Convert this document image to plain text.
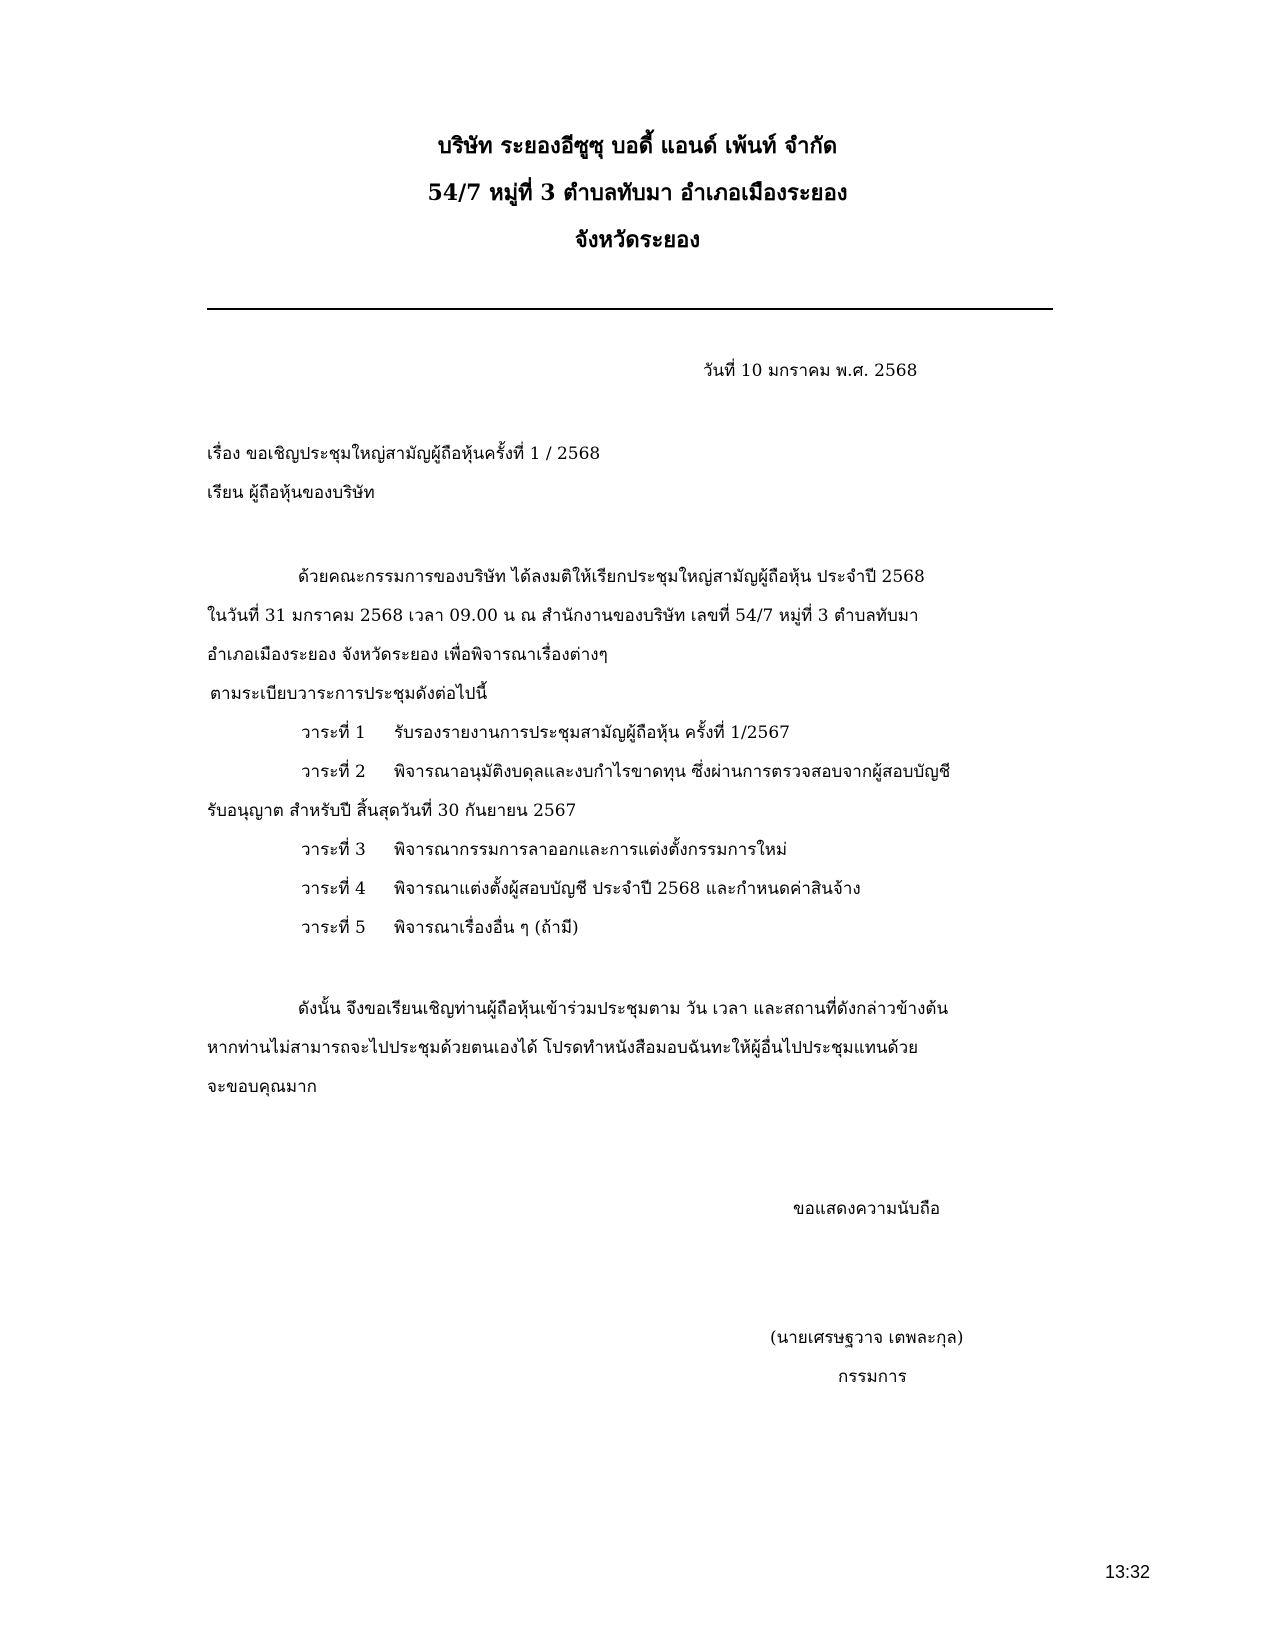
บริษัท ระยองอีซูซุ บอดี้ แอนด์ เพ้นท์ จำกัด
54/7 หมู่ที่ 3 ตำบลทับมา อำเภอเมืองระยอง
จังหวัดระยอง
วันที่ 10 มกราคม พ.ศ. 2568
เรื่อง ขอเชิญประชุมใหญ่สามัญผู้ถือหุ้นครั้งที่ 1 / 2568
เรียน ผู้ถือหุ้นของบริษัท
ด้วยคณะกรรมการของบริษัท ได้ลงมติให้เรียกประชุมใหญ่สามัญผู้ถือหุ้น ประจำปี 2568
ในวันที่ 31 มกราคม 2568 เวลา 09.00 น ณ สำนักงานของบริษัท เลขที่ 54/7 หมู่ที่ 3 ตำบลทับมา
อำเภอเมืองระยอง จังหวัดระยอง เพื่อพิจารณาเรื่องต่างๆ
ตามระเบียบวาระการประชุมดังต่อไปนี้
วาระที่ 1 รับรองรายงานการประชุมสามัญผู้ถือหุ้น ครั้งที่ 1/2567
วาระที่ 2 พิจารณาอนุมัติงบดุลและงบกำไรขาดทุน ซึ่งผ่านการตรวจสอบจากผู้สอบบัญชี
รับอนุญาต สำหรับปี สิ้นสุดวันที่ 30 กันยายน 2567
วาระที่ 3 พิจารณากรรมการลาออกและการแต่งตั้งกรรมการใหม่
วาระที่ 4 พิจารณาแต่งตั้งผู้สอบบัญชี ประจำปี 2568 และกำหนดค่าสินจ้าง
วาระที่ 5 พิจารณาเรื่องอื่น ๆ (ถ้ามี)
ดังนั้น จึงขอเรียนเชิญท่านผู้ถือหุ้นเข้าร่วมประชุมตาม วัน เวลา และสถานที่ดังกล่าวข้างต้น
หากท่านไม่สามารถจะไปประชุมด้วยตนเองได้ โปรดทำหนังสือมอบฉันทะให้ผู้อื่นไปประชุมแทนด้วย
จะขอบคุณมาก
ขอแสดงความนับถือ
(นายเศรษฐวาจ เตพละกุล)
กรรมการ
13:32
